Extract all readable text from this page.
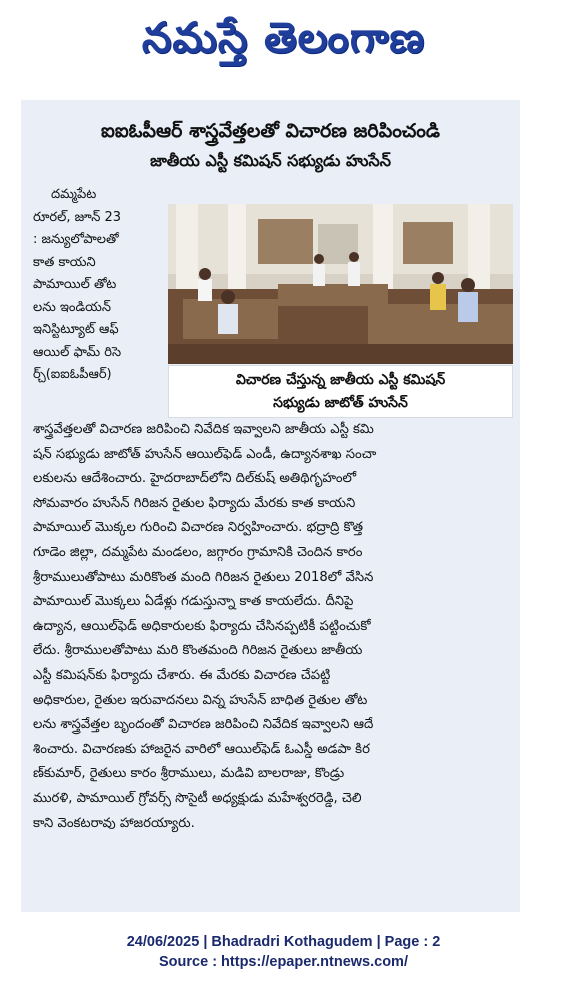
నమస్తే తెలంగాణ
ఐఐఓపీఆర్ శాస్త్రవేత్తలతో విచారణ జరిపించండి
జాతీయ ఎస్టీ కమిషన్ సభ్యుడు హుసేన్
దమ్మపేట
రూరల్, జూన్ 23
: జన్యులోపాలతో
కాత కాయని
పామాయిల్ తోట
లను ఇండియన్
ఇనిస్టిట్యూట్ ఆఫ్
ఆయిల్ ఫామ్ రిసె
ర్చ్(ఐఐఓపీఆర్)	విచారణ చేస్తున్న జాతీయ ఎస్టీ కమిషన్
సభ్యుడు జాటోత్ హుసేన్
శాస్త్రవేత్తలతో విచారణ జరిపించి నివేదిక ఇవ్వాలని జాతీయ ఎస్టీ కమి
షన్ సభ్యుడు జాటోత్ హుసేన్ ఆయిల్‌ఫెడ్ ఎండీ, ఉద్యానశాఖ సంచా
లకులను ఆదేశించారు. హైదరాబాద్‌లోని దిల్‌కుష్ అతిథిగృహంలో
సోమవారం హుసేన్ గిరిజన రైతుల ఫిర్యాదు మేరకు కాత కాయని
పామాయిల్ మొక్కల గురించి విచారణ నిర్వహించారు. భద్రాద్రి కొత్త
గూడెం జిల్లా, దమ్మపేట మండలం, జగ్గారం గ్రామానికి చెందిన కారం
శ్రీరాములుతోపాటు మరికొంత మంది గిరిజన రైతులు 2018లో వేసిన
పామాయిల్ మొక్కలు ఏడేళ్లు గడుస్తున్నా కాత కాయలేదు. దీనిపై
ఉద్యాన, ఆయిల్‌ఫెడ్ అధికారులకు ఫిర్యాదు చేసినప్పటికీ పట్టించుకో
లేదు. శ్రీరాములతోపాటు మరి కొంతమంది గిరిజన రైతులు జాతీయ
ఎస్టీ కమిషన్‌కు ఫిర్యాదు చేశారు. ఈ మేరకు విచారణ చేపట్టి
అధికారుల, రైతుల ఇరువాదనలు విన్న హుసేన్ బాధిత రైతుల తోట
లను శాస్త్రవేత్తల బృందంతో విచారణ జరిపించి నివేదిక ఇవ్వాలని ఆదే
శించారు. విచారణకు హాజరైన వారిలో ఆయిల్‌ఫెడ్ ఓఎస్డీ అడపా కిర
ణ్‌కుమార్, రైతులు కారం శ్రీరాములు, మడివి బాలరాజు, కొండ్రు
మురళి, పామాయిల్ గ్రోవర్స్ సొసైటీ అధ్యక్షుడు మహేశ్వరరెడ్డి, చెలి
కాని వెంకటరావు హాజరయ్యారు.
24/06/2025 | Bhadradri Kothagudem | Page : 2
Source : https://epaper.ntnews.com/
